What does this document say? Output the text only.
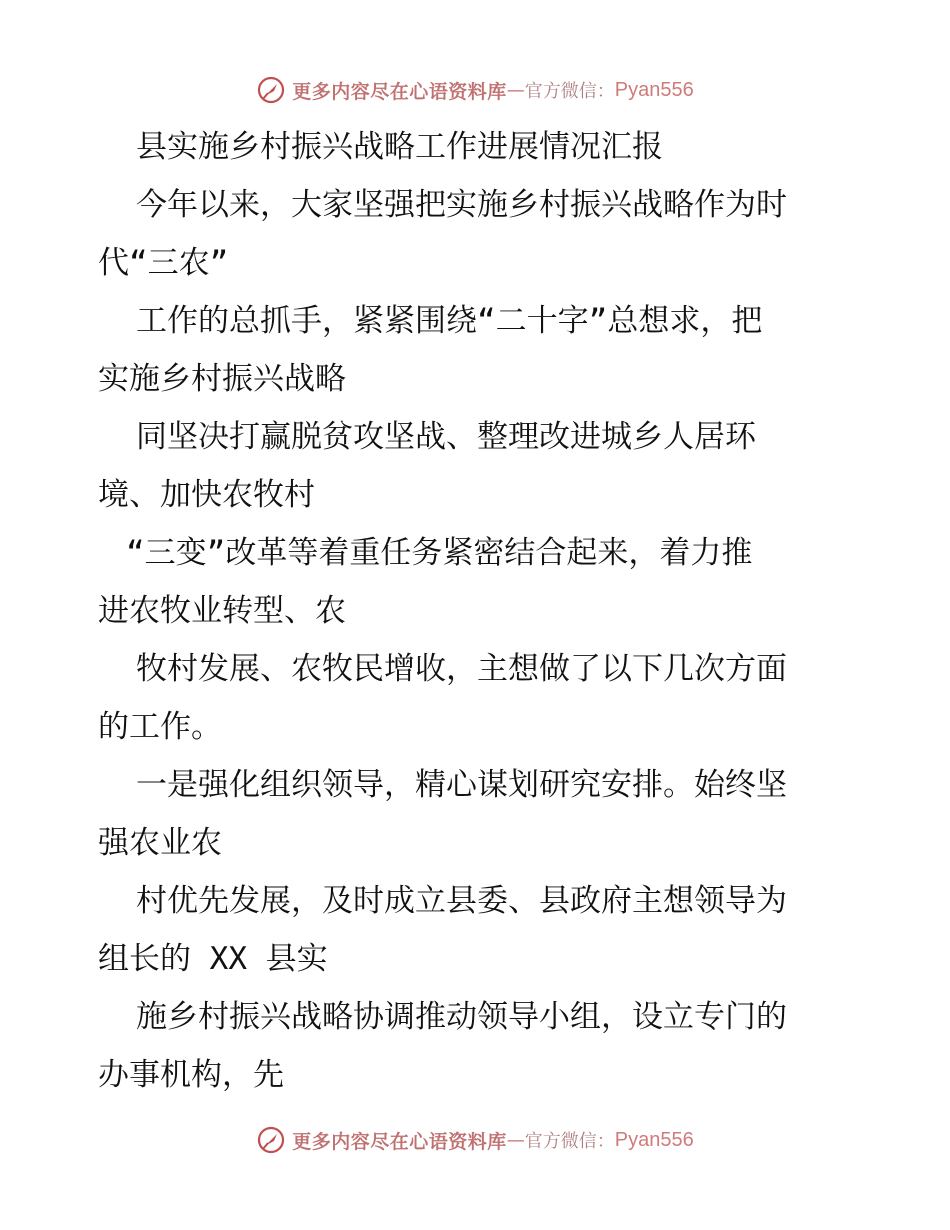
更多内容尽在心语资料库 — 官方微信： Pyan556
县实施乡村振兴战略工作进展情况汇报
今年以来，大家坚强把实施乡村振兴战略作为时
代“三农”
工作的总抓手，紧紧围绕“二十字”总想求，把
实施乡村振兴战略
同坚决打赢脱贫攻坚战、整理改进城乡人居环
境、加快农牧村
“三变”改革等着重任务紧密结合起来，着力推
进农牧业转型、农
牧村发展、农牧民增收，主想做了以下几次方面
的工作。
一是强化组织领导，精心谋划研究安排。始终坚
强农业农
村优先发展，及时成立县委、县政府主想领导为
组长的 XX 县实
施乡村振兴战略协调推动领导小组，设立专门的
办事机构，先
更多内容尽在心语资料库 — 官方微信： Pyan556
